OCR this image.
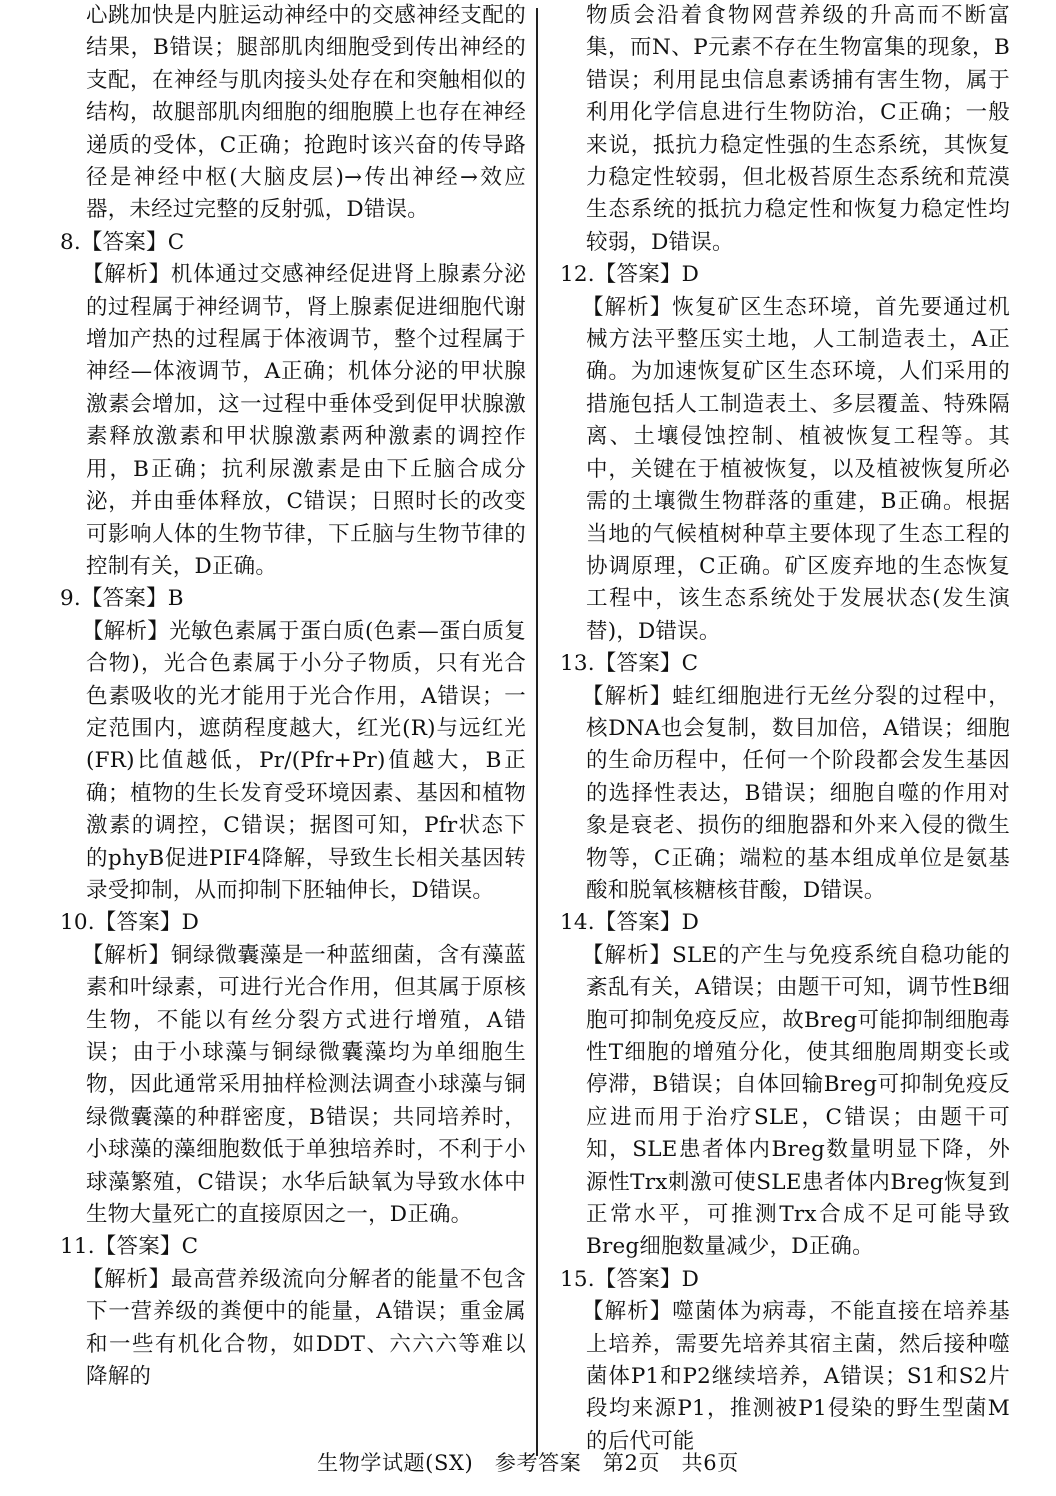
心跳加快是内脏运动神经中的交感神经支配的结果，B错误；腿部肌肉细胞受到传出神经的支配，在神经与肌肉接头处存在和突触相似的结构，故腿部肌肉细胞的细胞膜上也存在神经递质的受体，C正确；抢跑时该兴奋的传导路径是神经中枢(大脑皮层)→传出神经→效应器，未经过完整的反射弧，D错误。

8.【答案】C

【解析】机体通过交感神经促进肾上腺素分泌的过程属于神经调节，肾上腺素促进细胞代谢增加产热的过程属于体液调节，整个过程属于神经—体液调节，A正确；机体分泌的甲状腺激素会增加，这一过程中垂体受到促甲状腺激素释放激素和甲状腺激素两种激素的调控作用，B正确；抗利尿激素是由下丘脑合成分泌，并由垂体释放，C错误；日照时长的改变可影响人体的生物节律，下丘脑与生物节律的控制有关，D正确。

9.【答案】B

【解析】光敏色素属于蛋白质(色素—蛋白质复合物)，光合色素属于小分子物质，只有光合色素吸收的光才能用于光合作用，A错误；一定范围内，遮荫程度越大，红光(R)与远红光(FR)比值越低，Pr/(Pfr+Pr)值越大，B正确；植物的生长发育受环境因素、基因和植物激素的调控，C错误；据图可知，Pfr状态下的phyB促进PIF4降解，导致生长相关基因转录受抑制，从而抑制下胚轴伸长，D错误。

10.【答案】D

【解析】铜绿微囊藻是一种蓝细菌，含有藻蓝素和叶绿素，可进行光合作用，但其属于原核生物，不能以有丝分裂方式进行增殖，A错误；由于小球藻与铜绿微囊藻均为单细胞生物，因此通常采用抽样检测法调查小球藻与铜绿微囊藻的种群密度，B错误；共同培养时，小球藻的藻细胞数低于单独培养时，不利于小球藻繁殖，C错误；水华后缺氧为导致水体中生物大量死亡的直接原因之一，D正确。

11.【答案】C

【解析】最高营养级流向分解者的能量不包含下一营养级的粪便中的能量，A错误；重金属和一些有机化合物，如DDT、六六六等难以降解的

物质会沿着食物网营养级的升高而不断富集，而N、P元素不存在生物富集的现象，B错误；利用昆虫信息素诱捕有害生物，属于利用化学信息进行生物防治，C正确；一般来说，抵抗力稳定性强的生态系统，其恢复力稳定性较弱，但北极苔原生态系统和荒漠生态系统的抵抗力稳定性和恢复力稳定性均较弱，D错误。

12.【答案】D

【解析】恢复矿区生态环境，首先要通过机械方法平整压实土地，人工制造表土，A正确。为加速恢复矿区生态环境，人们采用的措施包括人工制造表土、多层覆盖、特殊隔离、土壤侵蚀控制、植被恢复工程等。其中，关键在于植被恢复，以及植被恢复所必需的土壤微生物群落的重建，B正确。根据当地的气候植树种草主要体现了生态工程的协调原理，C正确。矿区废弃地的生态恢复工程中，该生态系统处于发展状态(发生演替)，D错误。

13.【答案】C

【解析】蛙红细胞进行无丝分裂的过程中，核DNA也会复制，数目加倍，A错误；细胞的生命历程中，任何一个阶段都会发生基因的选择性表达，B错误；细胞自噬的作用对象是衰老、损伤的细胞器和外来入侵的微生物等，C正确；端粒的基本组成单位是氨基酸和脱氧核糖核苷酸，D错误。

14.【答案】D

【解析】SLE的产生与免疫系统自稳功能的紊乱有关，A错误；由题干可知，调节性B细胞可抑制免疫反应，故Breg可能抑制细胞毒性T细胞的增殖分化，使其细胞周期变长或停滞，B错误；自体回输Breg可抑制免疫反应进而用于治疗SLE，C错误；由题干可知，SLE患者体内Breg数量明显下降，外源性Trx刺激可使SLE患者体内Breg恢复到正常水平，可推测Trx合成不足可能导致Breg细胞数量减少，D正确。

15.【答案】D

【解析】噬菌体为病毒，不能直接在培养基上培养，需要先培养其宿主菌，然后接种噬菌体P1和P2继续培养，A错误；S1和S2片段均来源P1，推测被P1侵染的野生型菌M的后代可能

生物学试题(SX)　参考答案　第2页　共6页
